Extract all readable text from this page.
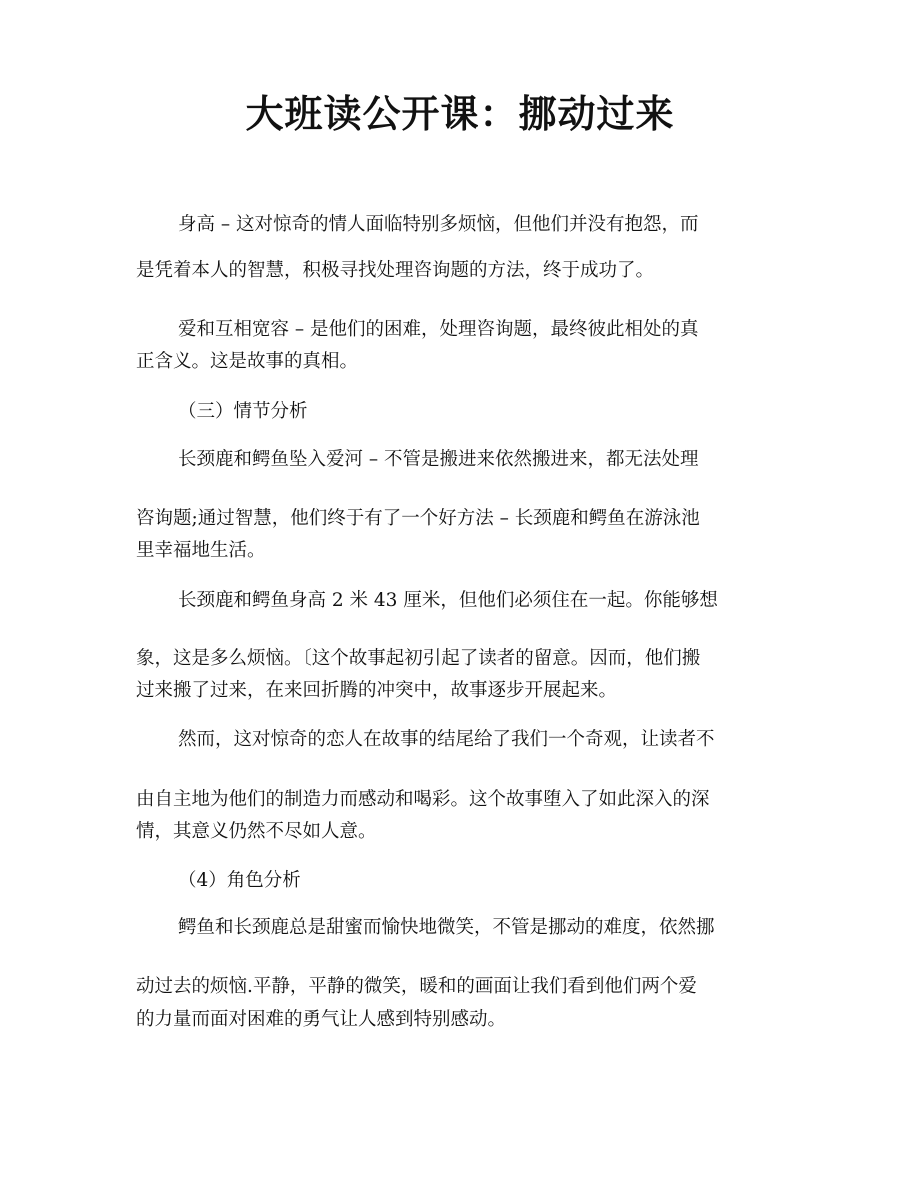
大班读公开课：挪动过来

身高 – 这对惊奇的情人面临特别多烦恼，但他们并没有抱怨，而

是凭着本人的智慧，积极寻找处理咨询题的方法，终于成功了。

爱和互相宽容 – 是他们的困难，处理咨询题，最终彼此相处的真

正含义。这是故事的真相。

（三）情节分析

长颈鹿和鳄鱼坠入爱河 – 不管是搬进来依然搬进来，都无法处理

咨询题;通过智慧，他们终于有了一个好方法 – 长颈鹿和鳄鱼在游泳池

里幸福地生活。

长颈鹿和鳄鱼身高 2 米 43 厘米，但他们必须住在一起。你能够想

象，这是多么烦恼。〔这个故事起初引起了读者的留意。因而，他们搬

过来搬了过来，在来回折腾的冲突中，故事逐步开展起来。

然而，这对惊奇的恋人在故事的结尾给了我们一个奇观，让读者不

由自主地为他们的制造力而感动和喝彩。这个故事堕入了如此深入的深

情，其意义仍然不尽如人意。

（4）角色分析

鳄鱼和长颈鹿总是甜蜜而愉快地微笑，不管是挪动的难度，依然挪

动过去的烦恼.平静，平静的微笑，暖和的画面让我们看到他们两个爱

的力量而面对困难的勇气让人感到特别感动。
